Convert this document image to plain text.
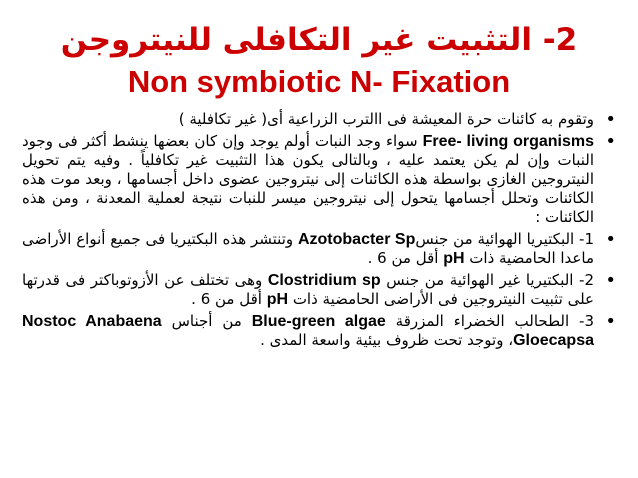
2- التثبيت غير التكافلى للنيتروجن
Non symbiotic N- Fixation
•
وتقوم به كائنات حرة المعيشة فى االترب الزراعية أى( غير تكافلية )
•
Free- living organisms سواء وجد النبات أولم يوجد وإن كان بعضها ينشط أكثر فى وجود النبات وإن لم يكن يعتمد عليه ، وبالتالى يكون هذا التثبيت غير تكافلياً . وفيه يتم تحويل النيتروجين الغازى بواسطة هذه الكائنات إلى نيتروجين عضوى داخل أجسامها ، وبعد موت هذه الكائنات وتحلل أجسامها يتحول إلى نيتروجين ميسر للنبات نتيجة لعملية المعدنة ، ومن هذه الكائنات :
•
1- البكتيريا الهوائية من جنسAzotobacter Sp وتنتشر هذه البكتيريا فى جميع أنواع الأراضى ماعدا الحامضية ذات pH أقل من 6 .
•
2- البكتيريا غير الهوائية من جنس Clostridium sp وهى تختلف عن الأزوتوباكتر فى قدرتها على تثبيت النيتروجين فى الأراضى الحامضية ذات pH أقل من 6 .
•
3- الطحالب الخضراء المزرقة Blue-green algae من أجناس Nostoc Anabaena Gloecapsa، وتوجد تحت ظروف بيئية واسعة المدى .
